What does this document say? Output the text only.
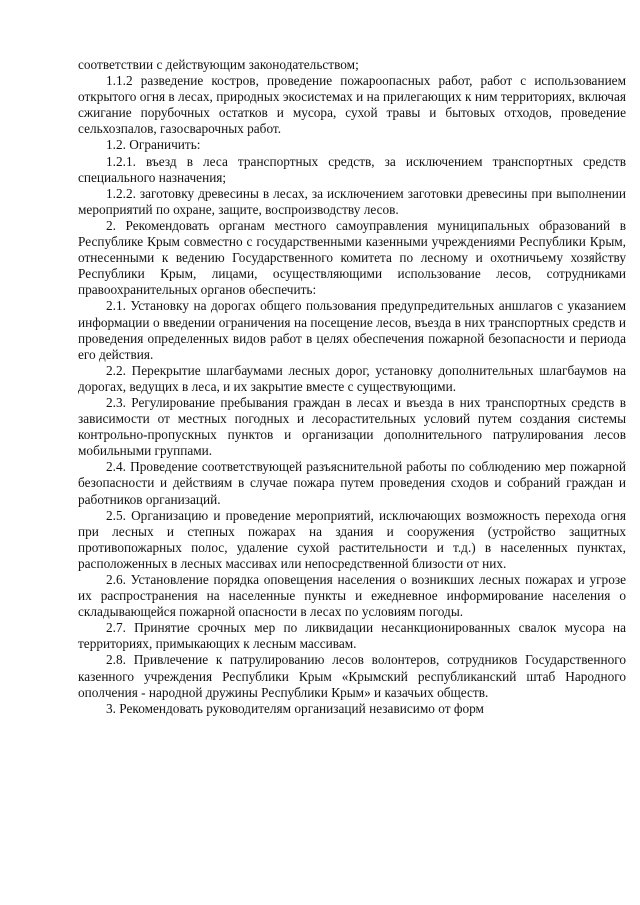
соответствии с действующим законодательством;

1.1.2 разведение костров, проведение пожароопасных работ, работ с использованием открытого огня в лесах, природных экосистемах и на прилегающих к ним территориях, включая сжигание порубочных остатков и мусора, сухой травы и бытовых отходов, проведение сельхозпалов, газосварочных работ.

1.2. Ограничить:

1.2.1. въезд в леса транспортных средств, за исключением транспортных средств специального назначения;

1.2.2. заготовку древесины в лесах, за исключением заготовки древесины при выполнении мероприятий по охране, защите, воспроизводству лесов.

2. Рекомендовать органам местного самоуправления муниципальных образований в Республике Крым совместно с государственными казенными учреждениями Республики Крым, отнесенными к ведению Государственного комитета по лесному и охотничьему хозяйству Республики Крым, лицами, осуществляющими использование лесов, сотрудниками правоохранительных органов обеспечить:

2.1. Установку на дорогах общего пользования предупредительных аншлагов с указанием информации о введении ограничения на посещение лесов, въезда в них транспортных средств и проведения определенных видов работ в целях обеспечения пожарной безопасности и периода его действия.

2.2. Перекрытие шлагбаумами лесных дорог, установку дополнительных шлагбаумов на дорогах, ведущих в леса, и их закрытие вместе с существующими.

2.3. Регулирование пребывания граждан в лесах и въезда в них транспортных средств в зависимости от местных погодных и лесорастительных условий путем создания системы контрольно-пропускных пунктов и организации дополнительного патрулирования лесов мобильными группами.

2.4. Проведение соответствующей разъяснительной работы по соблюдению мер пожарной безопасности и действиям в случае пожара путем проведения сходов и собраний граждан и работников организаций.

2.5. Организацию и проведение мероприятий, исключающих возможность перехода огня при лесных и степных пожарах на здания и сооружения (устройство защитных противопожарных полос, удаление сухой растительности и т.д.) в населенных пунктах, расположенных в лесных массивах или непосредственной близости от них.

2.6. Установление порядка оповещения населения о возникших лесных пожарах и угрозе их распространения на населенные пункты и ежедневное информирование населения о складывающейся пожарной опасности в лесах по условиям погоды.

2.7. Принятие срочных мер по ликвидации несанкционированных свалок мусора на территориях, примыкающих к лесным массивам.

2.8. Привлечение к патрулированию лесов волонтеров, сотрудников Государственного казенного учреждения Республики Крым «Крымский республиканский штаб Народного ополчения - народной дружины Республики Крым» и казачьих обществ.

3. Рекомендовать руководителям организаций независимо от форм
